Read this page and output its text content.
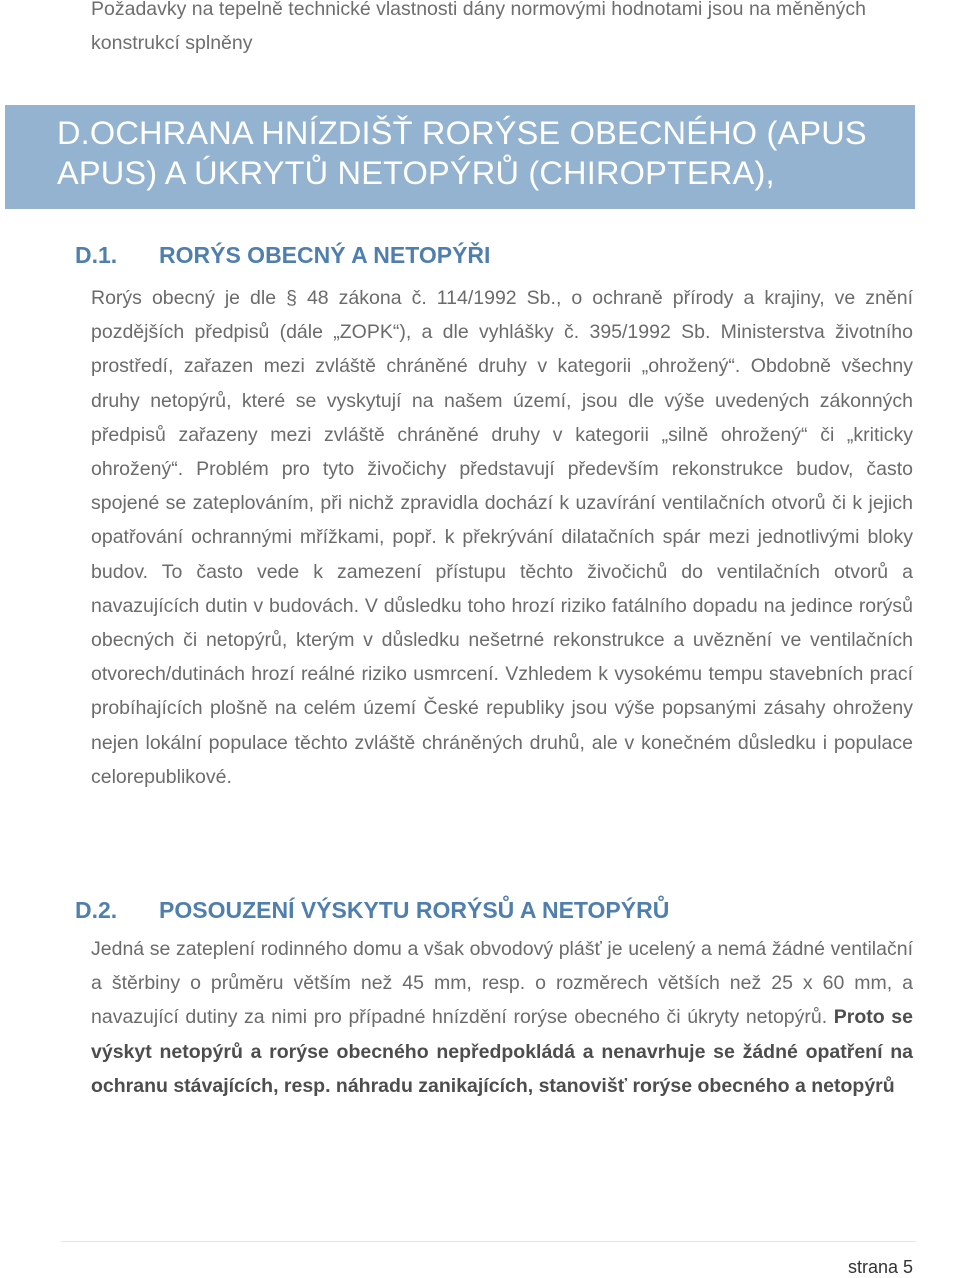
Požadavky na tepelně technické vlastnosti dány normovými hodnotami jsou na měněných konstrukcí splněny

D.OCHRANA HNÍZDIŠŤ RORÝSE OBECNÉHO (APUS
APUS) A ÚKRYTŮ NETOPÝRŮ (CHIROPTERA),
D.1. RORÝS OBECNÝ A NETOPÝŘI

Rorýs obecný je dle § 48 zákona č. 114/1992 Sb., o ochraně přírody a krajiny, ve znění pozdějších předpisů (dále „ZOPK“), a dle vyhlášky č. 395/1992 Sb. Ministerstva životního prostředí, zařazen mezi zvláště chráněné druhy v kategorii „ohrožený“. Obdobně všechny druhy netopýrů, které se vyskytují na našem území, jsou dle výše uvedených zákonných předpisů zařazeny mezi zvláště chráněné druhy v kategorii „silně ohrožený“ či „kriticky ohrožený“. Problém pro tyto živočichy představují především rekonstrukce budov, často spojené se zateplováním, při nichž zpravidla dochází k uzavírání ventilačních otvorů či k jejich opatřování ochrannými mřížkami, popř. k překrývání dilatačních spár mezi jednotlivými bloky budov. To často vede k zamezení přístupu těchto živočichů do ventilačních otvorů a navazujících dutin v budovách. V důsledku toho hrozí riziko fatálního dopadu na jedince rorýsů obecných či netopýrů, kterým v důsledku nešetrné rekonstrukce a uvěznění ve ventilačních otvorech/dutinách hrozí reálné riziko usmrcení. Vzhledem k vysokému tempu stavebních prací probíhajících plošně na celém území České republiky jsou výše popsanými zásahy ohroženy nejen lokální populace těchto zvláště chráněných druhů, ale v konečném důsledku i populace celorepublikové.

D.2. POSOUZENÍ VÝSKYTU RORÝSŮ A NETOPÝRŮ

Jedná se zateplení rodinného domu a však obvodový plášť je ucelený a nemá žádné ventilační a štěrbiny o průměru větším než 45 mm, resp. o rozměrech větších než 25 x 60 mm, a navazující dutiny za nimi pro případné hnízdění rorýse obecného či úkryty netopýrů. Proto se výskyt netopýrů a rorýse obecného nepředpokládá a nenavrhuje se žádné opatření na ochranu stávajících, resp. náhradu zanikajících, stanovišť rorýse obecného a netopýrů

strana 5
